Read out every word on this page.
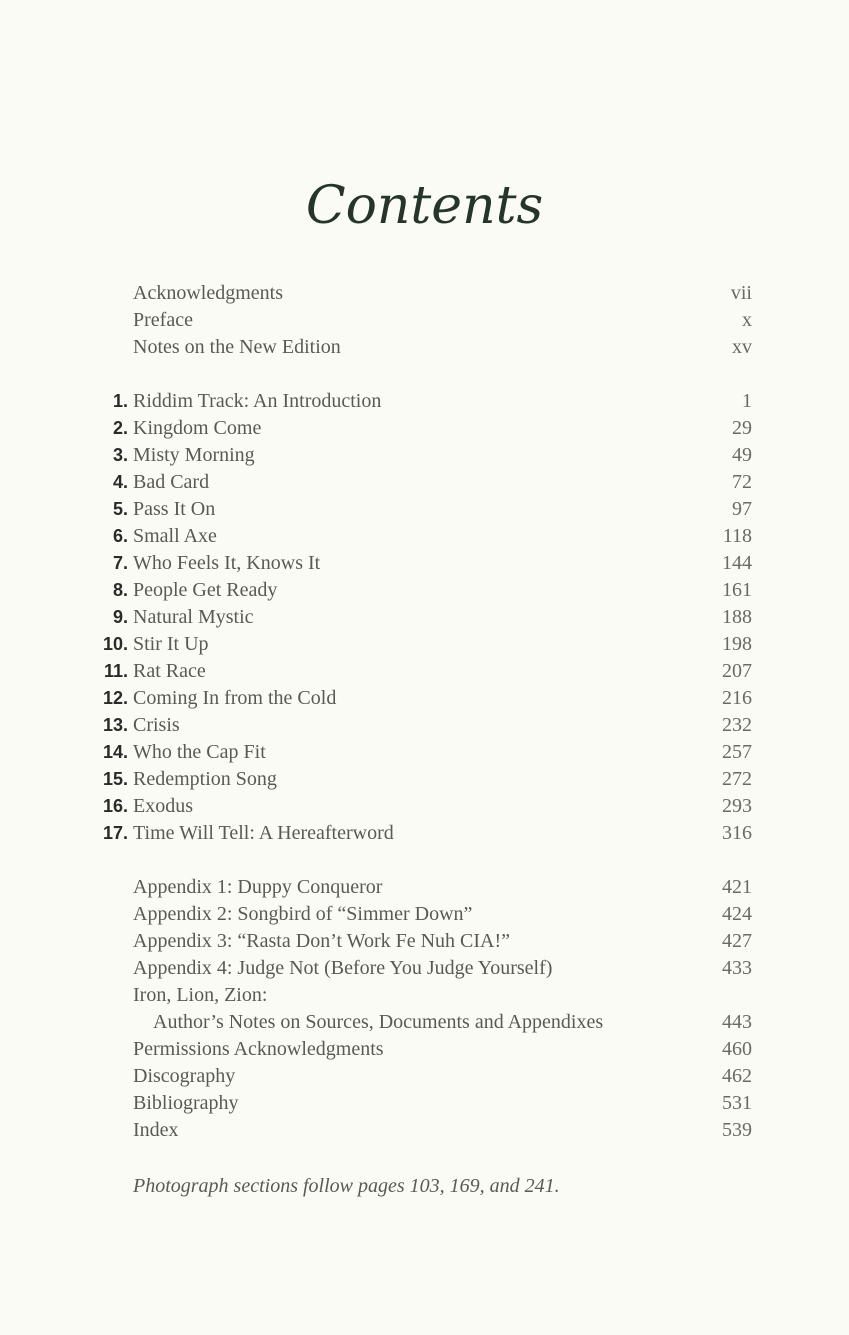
Contents
Acknowledgments	vii
Preface	x
Notes on the New Edition	xv
1. Riddim Track: An Introduction	1
2. Kingdom Come	29
3. Misty Morning	49
4. Bad Card	72
5. Pass It On	97
6. Small Axe	118
7. Who Feels It, Knows It	144
8. People Get Ready	161
9. Natural Mystic	188
10. Stir It Up	198
11. Rat Race	207
12. Coming In from the Cold	216
13. Crisis	232
14. Who the Cap Fit	257
15. Redemption Song	272
16. Exodus	293
17. Time Will Tell: A Hereafterword	316
Appendix 1: Duppy Conqueror	421
Appendix 2: Songbird of “Simmer Down”	424
Appendix 3: “Rasta Don’t Work Fe Nuh CIA!”	427
Appendix 4: Judge Not (Before You Judge Yourself)	433
Iron, Lion, Zion:
Author’s Notes on Sources, Documents and Appendixes	443
Permissions Acknowledgments	460
Discography	462
Bibliography	531
Index	539
Photograph sections follow pages 103, 169, and 241.
